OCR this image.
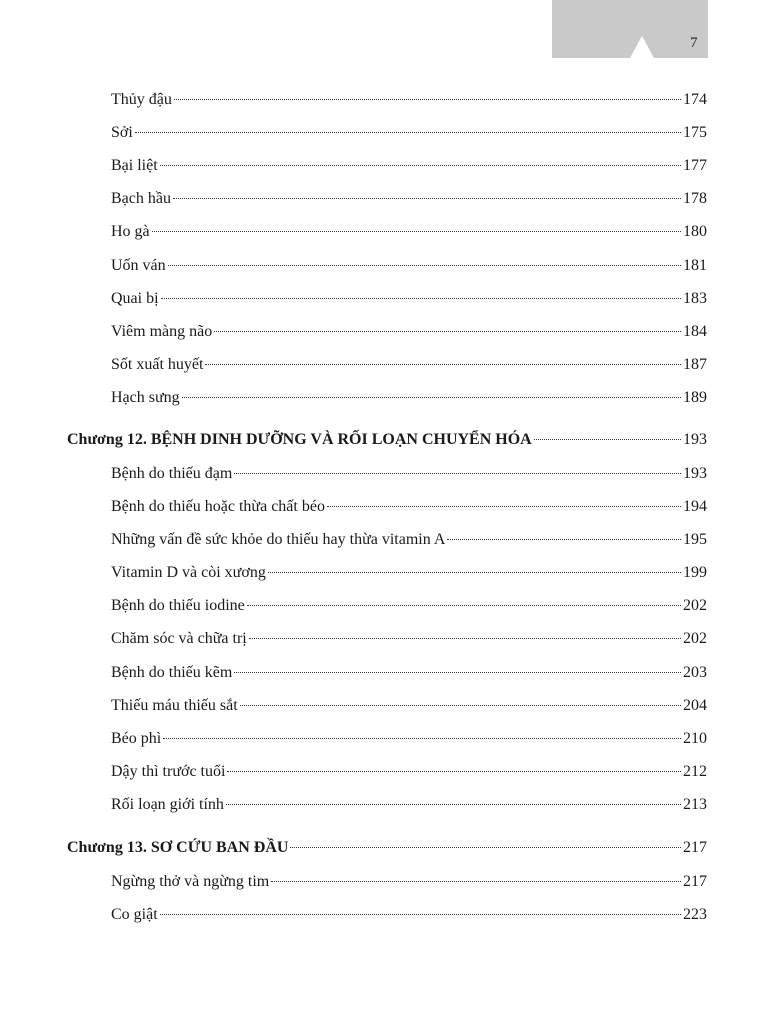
7
Thủy đậu	174
Sởi	175
Bại liệt	177
Bạch hầu	178
Ho gà	180
Uốn ván	181
Quai bị	183
Viêm màng não	184
Sốt xuất huyết	187
Hạch sưng	189
Chương 12. BỆNH DINH DƯỠNG VÀ RỐI LOẠN CHUYỂN HÓA	193
Bệnh do thiếu đạm	193
Bệnh do thiếu hoặc thừa chất béo	194
Những vấn đề sức khỏe do thiếu hay thừa vitamin A	195
Vitamin D và còi xương	199
Bệnh do thiếu iodine	202
Chăm sóc và chữa trị	202
Bệnh do thiếu kẽm	203
Thiếu máu thiếu sắt	204
Béo phì	210
Dậy thì trước tuổi	212
Rối loạn giới tính	213
Chương 13. SƠ CỨU BAN ĐẦU	217
Ngừng thở và ngừng tim	217
Co giật	223
